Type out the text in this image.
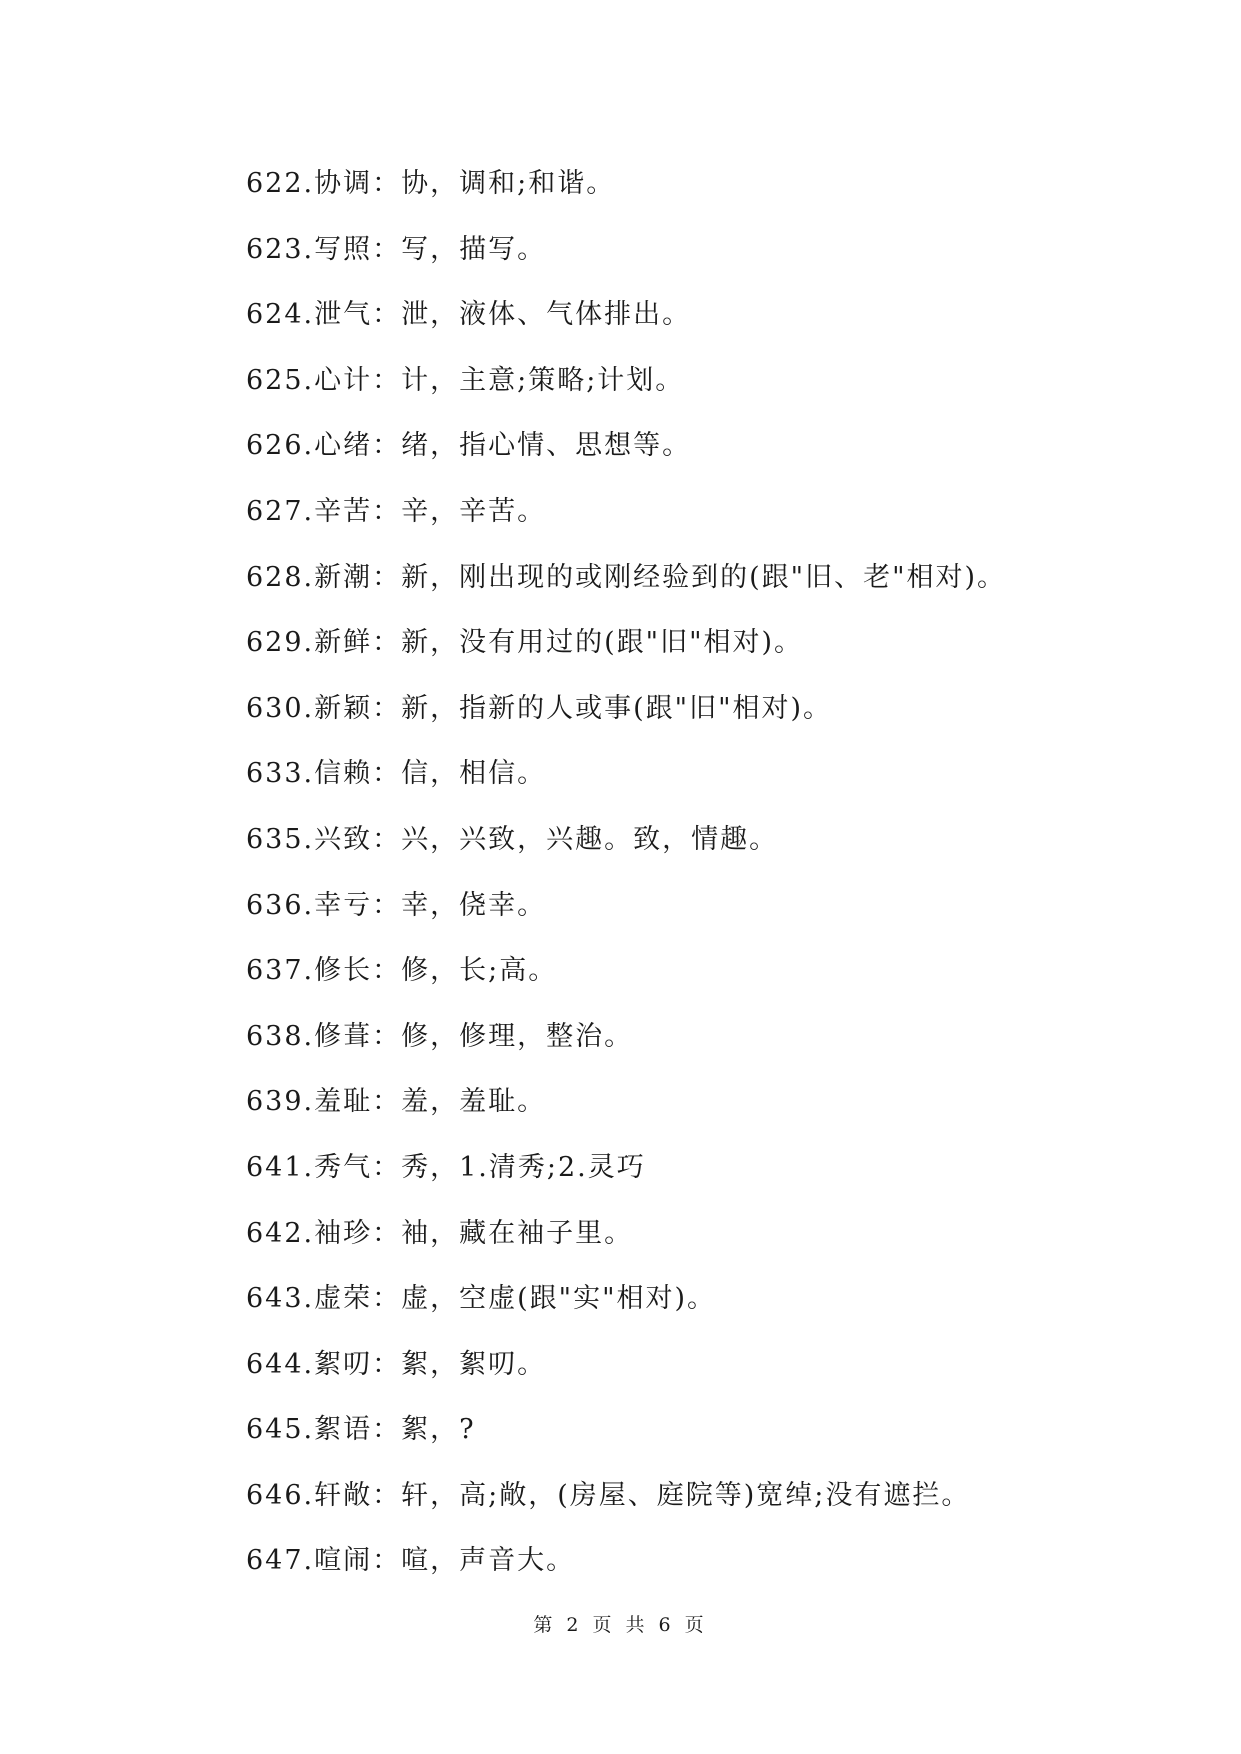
622.协调：协，调和;和谐。
623.写照：写，描写。
624.泄气：泄，液体、气体排出。
625.心计：计，主意;策略;计划。
626.心绪：绪，指心情、思想等。
627.辛苦：辛，辛苦。
628.新潮：新，刚出现的或刚经验到的(跟"旧、老"相对)。
629.新鲜：新，没有用过的(跟"旧"相对)。
630.新颖：新，指新的人或事(跟"旧"相对)。
633.信赖：信，相信。
635.兴致：兴，兴致，兴趣。致，情趣。
636.幸亏：幸，侥幸。
637.修长：修，长;高。
638.修葺：修，修理，整治。
639.羞耻：羞，羞耻。
641.秀气：秀，1.清秀;2.灵巧
642.袖珍：袖，藏在袖子里。
643.虚荣：虚，空虚(跟"实"相对)。
644.絮叨：絮，絮叨。
645.絮语：絮，?
646.轩敞：轩，高;敞，(房屋、庭院等)宽绰;没有遮拦。
647.喧闹：喧，声音大。
第 2 页 共 6 页
